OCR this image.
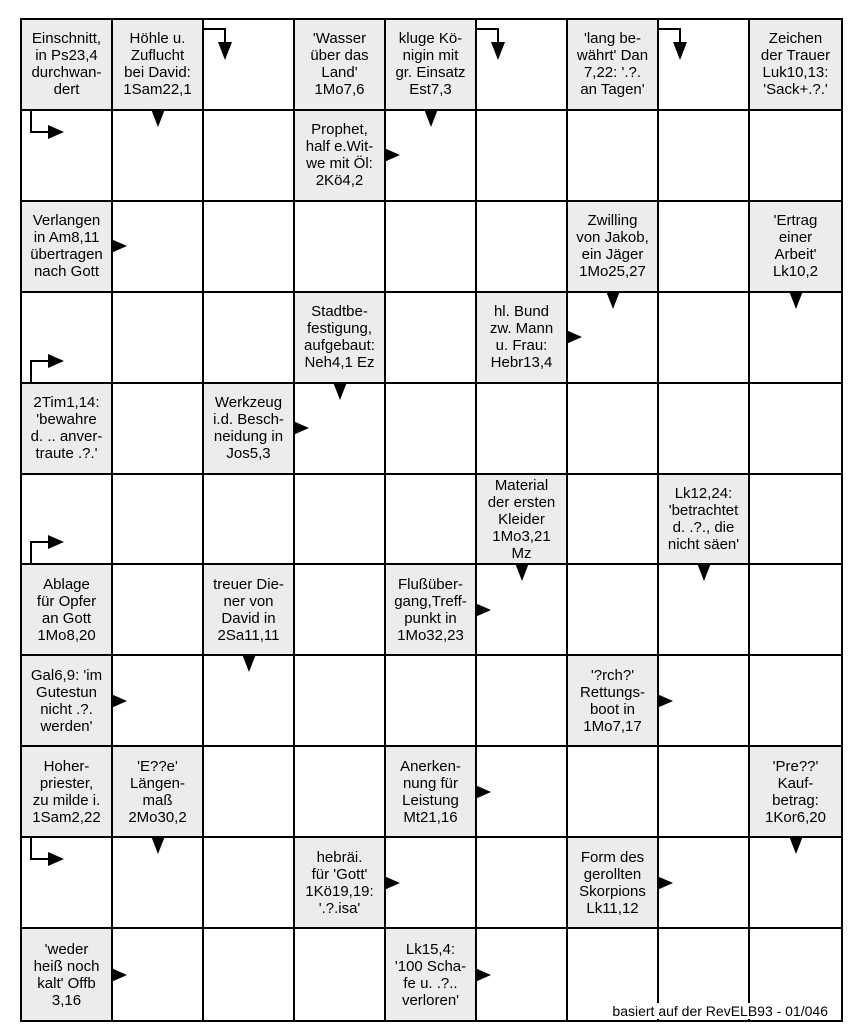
Einschnitt,
in Ps23,4
durchwan-
dert
Höhle u.
Zuflucht
bei David:
1Sam22,1
'Wasser
über das
Land'
1Mo7,6
kluge Kö-
nigin mit
gr. Einsatz
Est7,3
'lang be-
währt' Dan
7,22: '.?.
an Tagen'
Zeichen
der Trauer
Luk10,13:
'Sack+.?.'
Prophet,
half e.Wit-
we mit Öl:
2Kö4,2
Verlangen
in Am8,11
übertragen
nach Gott
Zwilling
von Jakob,
ein Jäger
1Mo25,27
'Ertrag
einer
Arbeit'
Lk10,2
Stadtbe-
festigung,
aufgebaut:
Neh4,1 Ez
hl. Bund
zw. Mann
u. Frau:
Hebr13,4
2Tim1,14:
'bewahre
d. .. anver-
traute .?.'
Werkzeug
i.d. Besch-
neidung in
Jos5,3
Material
der ersten
Kleider
1Mo3,21
Mz
Lk12,24:
'betrachtet
d. .?., die
nicht säen'
Ablage
für Opfer
an Gott
1Mo8,20
treuer Die-
ner von
David in
2Sa11,11
Flußüber-
gang,Treff-
punkt in
1Mo32,23
Gal6,9: 'im
Gutestun
nicht .?.
werden'
'?rch?'
Rettungs-
boot in
1Mo7,17
Hoher-
priester,
zu milde i.
1Sam2,22
'E??e'
Längen-
maß
2Mo30,2
Anerken-
nung für
Leistung
Mt21,16
'Pre??'
Kauf-
betrag:
1Kor6,20
hebräi.
für 'Gott'
1Kö19,19:
'.?.isa'
Form des
gerollten
Skorpions
Lk11,12
'weder
heiß noch
kalt' Offb
3,16
Lk15,4:
'100 Scha-
fe u. .?..
verloren'
basiert auf der RevELB93 - 01/046
